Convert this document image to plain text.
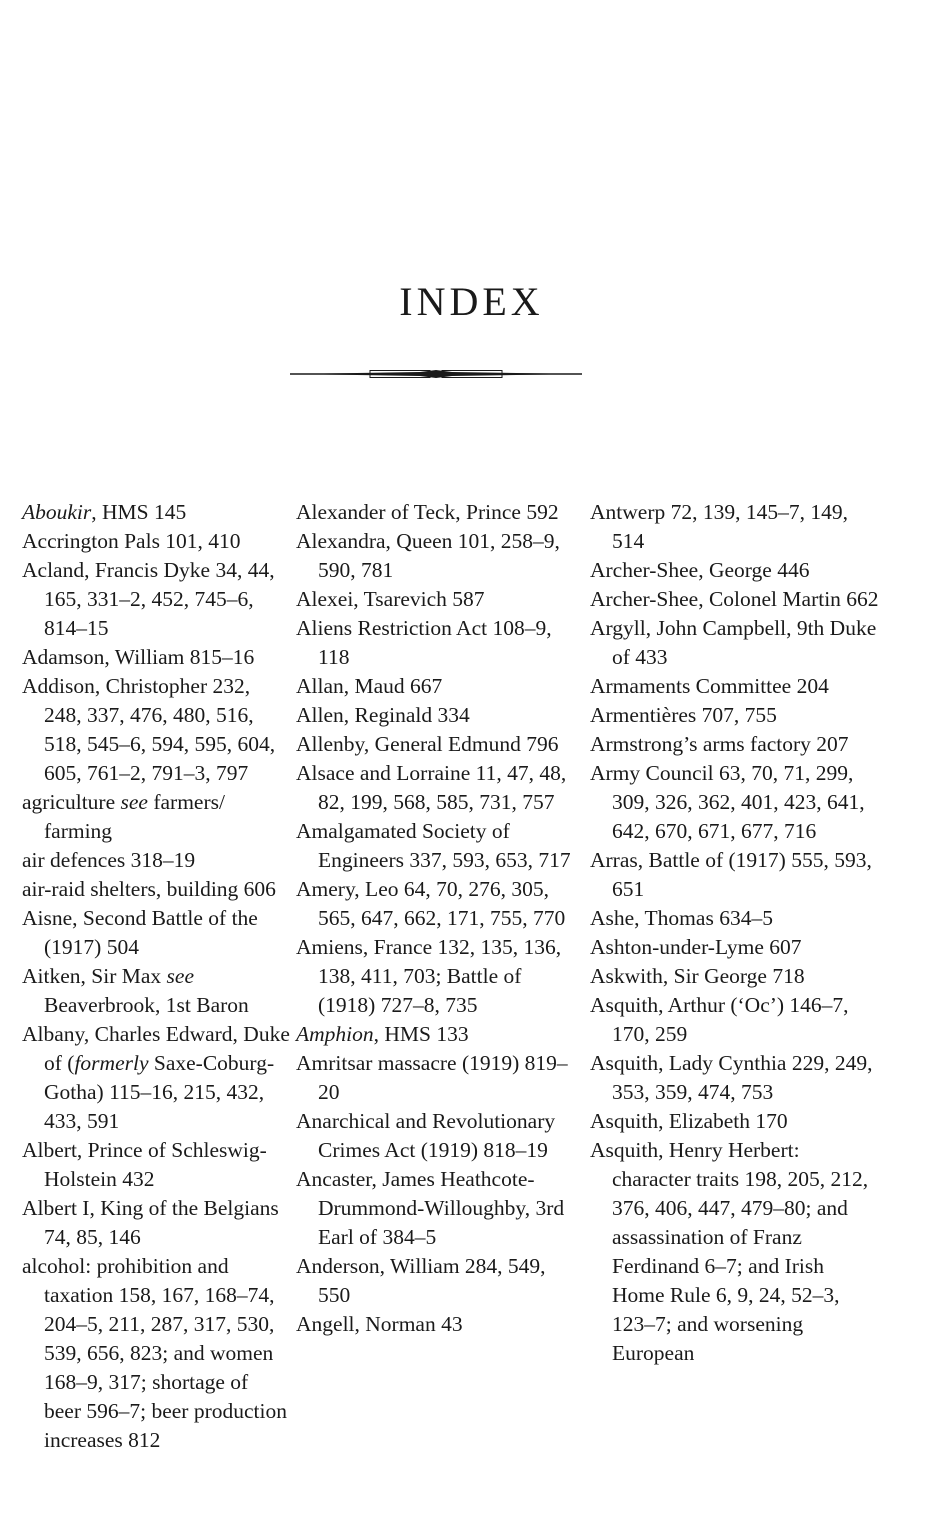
INDEX

Aboukir, HMS 145

Accrington Pals 101, 410

Acland, Francis Dyke 34, 44, 165, 331–2, 452, 745–6, 814–15

Adamson, William 815–16

Addison, Christopher 232, 248, 337, 476, 480, 516, 518, 545–6, 594, 595, 604, 605, 761–2, 791–3, 797

agriculture see farmers/ farming

air defences 318–19

air-raid shelters, building 606

Aisne, Second Battle of the (1917) 504

Aitken, Sir Max see Beaverbrook, 1st Baron

Albany, Charles Edward, Duke of (formerly Saxe-Coburg-Gotha) 115–16, 215, 432, 433, 591

Albert, Prince of Schleswig-Holstein 432

Albert I, King of the Belgians 74, 85, 146

alcohol: prohibition and taxation 158, 167, 168–74, 204–5, 211, 287, 317, 530, 539, 656, 823; and women 168–9, 317; shortage of beer 596–7; beer production increases 812

Alexander of Teck, Prince 592

Alexandra, Queen 101, 258–9, 590, 781

Alexei, Tsarevich 587

Aliens Restriction Act 108–9, 118

Allan, Maud 667

Allen, Reginald 334

Allenby, General Edmund 796

Alsace and Lorraine 11, 47, 48, 82, 199, 568, 585, 731, 757

Amalgamated Society of Engineers 337, 593, 653, 717

Amery, Leo 64, 70, 276, 305, 565, 647, 662, 171, 755, 770

Amiens, France 132, 135, 136, 138, 411, 703; Battle of (1918) 727–8, 735

Amphion, HMS 133

Amritsar massacre (1919) 819–20

Anarchical and Revolutionary Crimes Act (1919) 818–19

Ancaster, James Heathcote-Drummond-Willoughby, 3rd Earl of 384–5

Anderson, William 284, 549, 550

Angell, Norman 43

Antwerp 72, 139, 145–7, 149, 514

Archer-Shee, George 446

Archer-Shee, Colonel Martin 662

Argyll, John Campbell, 9th Duke of 433

Armaments Committee 204

Armentières 707, 755

Armstrong’s arms factory 207

Army Council 63, 70, 71, 299, 309, 326, 362, 401, 423, 641, 642, 670, 671, 677, 716

Arras, Battle of (1917) 555, 593, 651

Ashe, Thomas 634–5

Ashton-under-Lyme 607

Askwith, Sir George 718

Asquith, Arthur (‘Oc’) 146–7, 170, 259

Asquith, Lady Cynthia 229, 249, 353, 359, 474, 753

Asquith, Elizabeth 170

Asquith, Henry Herbert: character traits 198, 205, 212, 376, 406, 447, 479–80; and assassination of Franz Ferdinand 6–7; and Irish Home Rule 6, 9, 24, 52–3, 123–7; and worsening European
